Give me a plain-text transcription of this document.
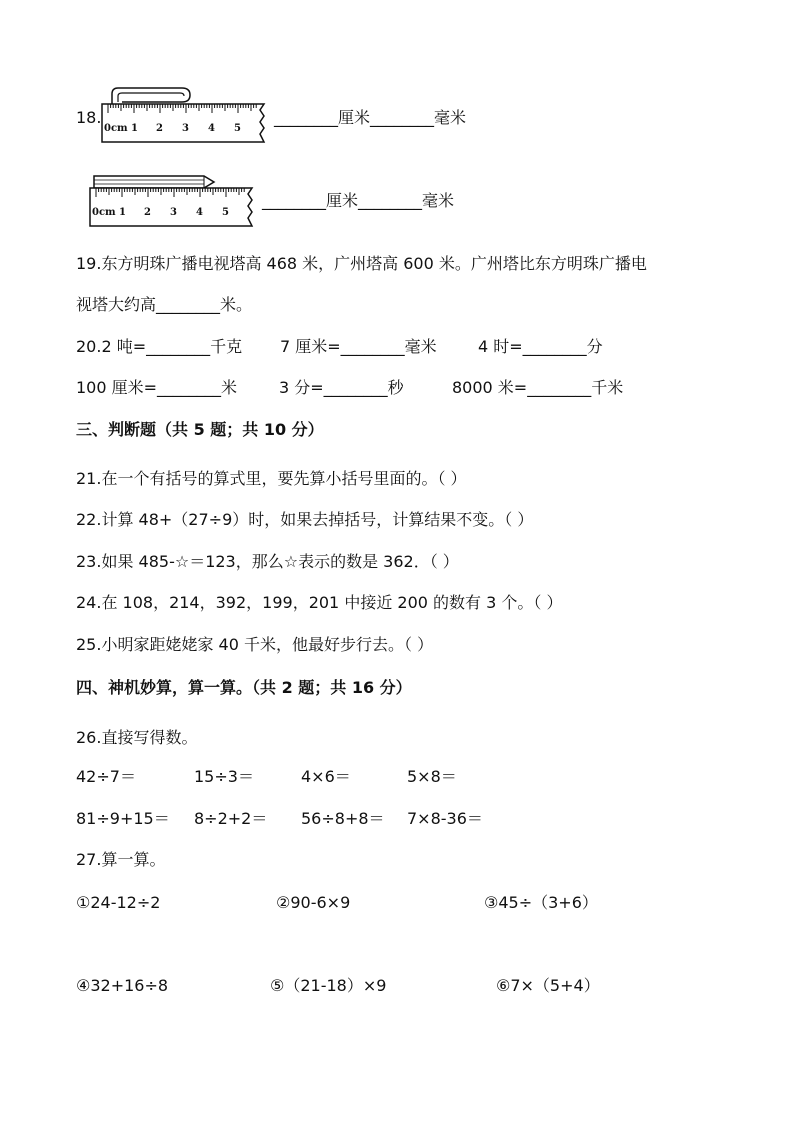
18.
0cm 1 2 3 4 5
________厘米________毫米
0cm 1 2 3 4 5
________厘米________毫米
19.东方明珠广播电视塔高 468 米，广州塔高 600 米。广州塔比东方明珠广播电
视塔大约高________米。
20.2 吨=________千克 7 厘米=________毫米	4 时=________分
100 厘米=________米	3 分=________秒	8000 米=________千米
三、判断题（共 5 题；共 10 分）
21.在一个有括号的算式里，要先算小括号里面的。（ ）
22.计算 48+（27÷9）时，如果去掉括号，计算结果不变。（ ）
23.如果 485-☆＝123，那么☆表示的数是 362．（ ）
24.在 108，214，392，199，201 中接近 200 的数有 3 个。（ ）
25.小明家距姥姥家 40 千米，他最好步行去。（ ）
四、神机妙算，算一算。（共 2 题；共 16 分）
26.直接写得数。
42÷7＝	15÷3＝	4×6＝	5×8＝
81÷9+15＝ 8÷2+2＝ 56÷8+8＝ 7×8-36＝
27.算一算。
①24-12÷2	②90-6×9	③45÷（3+6）
④32+16÷8	⑤（21-18）×9	⑥7×（5+4）
